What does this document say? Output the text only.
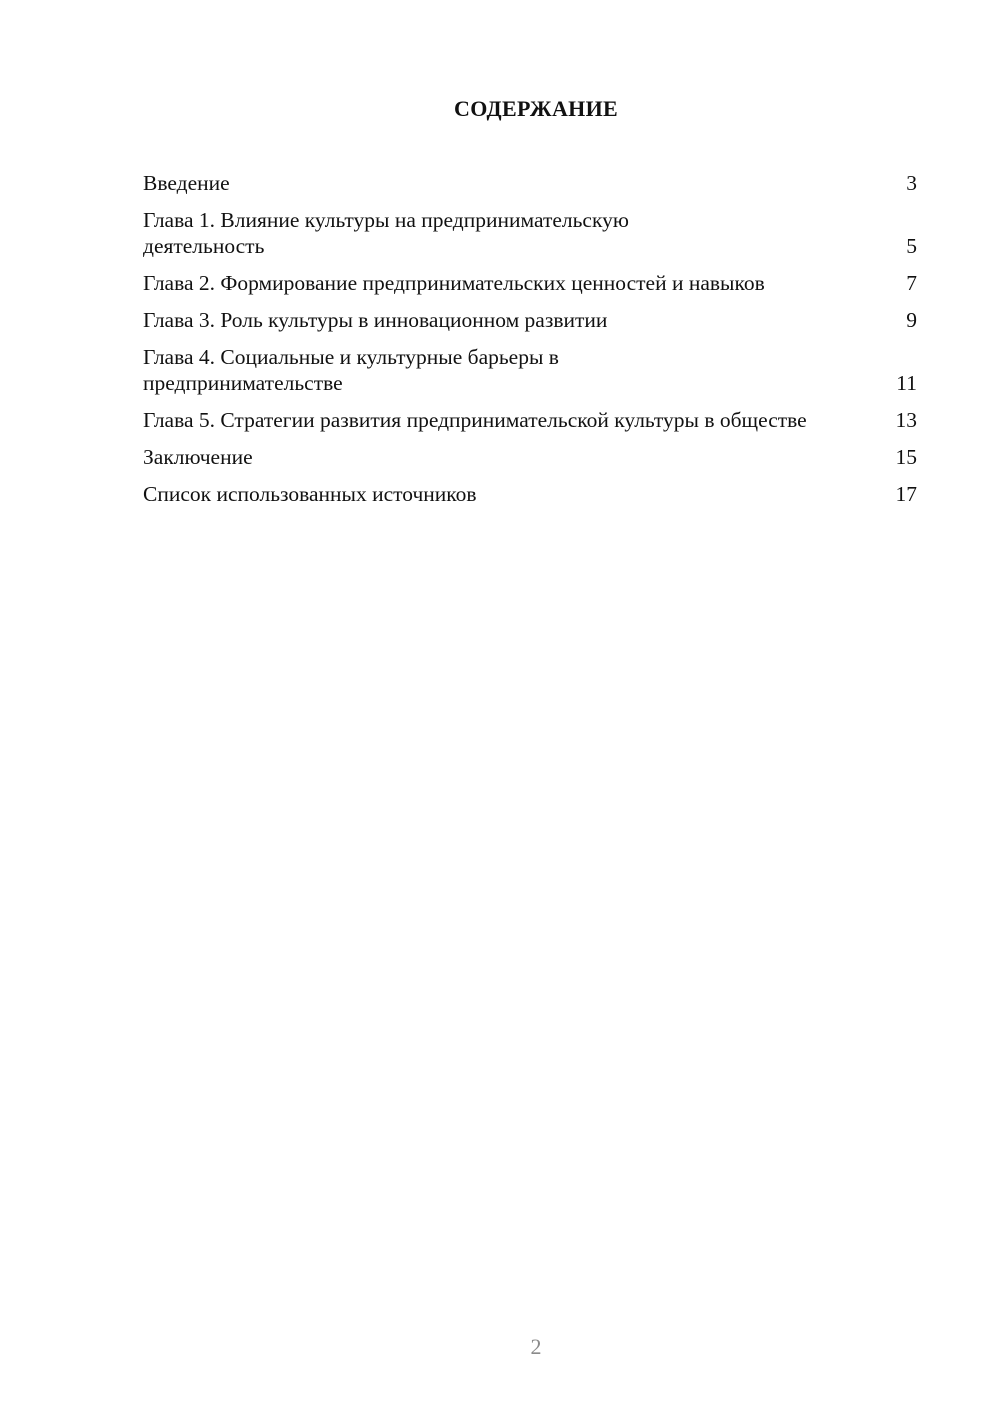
СОДЕРЖАНИЕ
Введение	3
Глава 1. Влияние культуры на предпринимательскую деятельность	5
Глава 2. Формирование предпринимательских ценностей и навыков	7
Глава 3. Роль культуры в инновационном развитии	9
Глава 4. Социальные и культурные барьеры в предпринимательстве	11
Глава 5. Стратегии развития предпринимательской культуры в обществе	13
Заключение	15
Список использованных источников	17
2
